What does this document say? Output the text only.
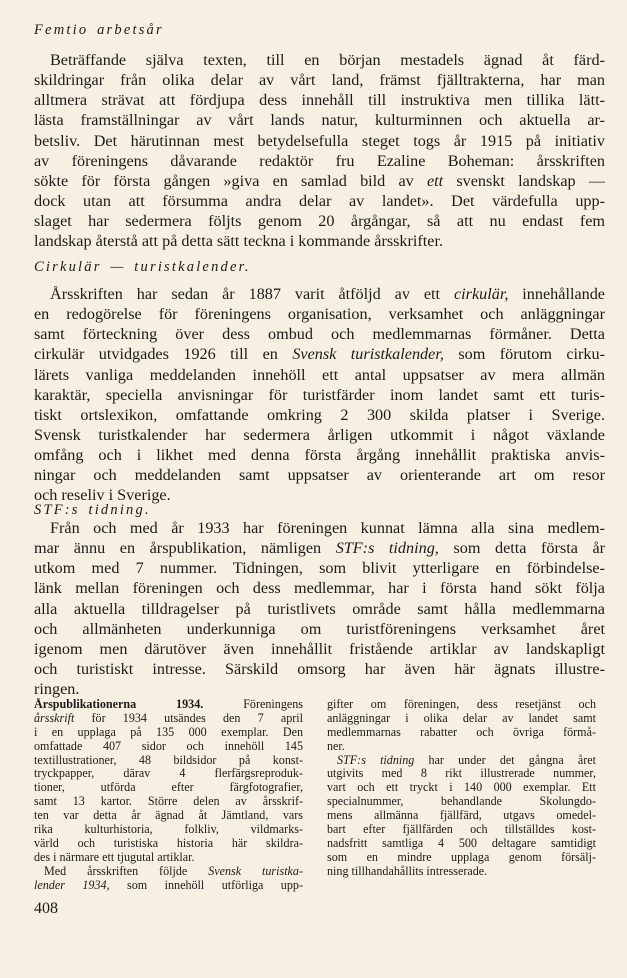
Femtio arbetsår
Beträffande själva texten, till en början mestadels ägnad åt färd-
skildringar från olika delar av vårt land, främst fjälltrakterna, har man
alltmera strävat att fördjupa dess innehåll till instruktiva men tillika lätt-
lästa framställningar av vårt lands natur, kulturminnen och aktuella ar-
betsliv. Det härutinnan mest betydelsefulla steget togs år 1915 på initiativ
av föreningens dåvarande redaktör fru Ezaline Boheman: årsskriften
sökte för första gången »giva en samlad bild av ett svenskt landskap —
dock utan att försumma andra delar av landet». Det värdefulla upp-
slaget har sedermera följts genom 20 årgångar, så att nu endast fem
landskap återstå att på detta sätt teckna i kommande årsskrifter.
Cirkulär — turistkalender.
Årsskriften har sedan år 1887 varit åtföljd av ett cirkulär, innehållande
en redogörelse för föreningens organisation, verksamhet och anläggningar
samt förteckning över dess ombud och medlemmarnas förmåner. Detta
cirkulär utvidgades 1926 till en Svensk turistkalender, som förutom cirku-
lärets vanliga meddelanden innehöll ett antal uppsatser av mera allmän
karaktär, speciella anvisningar för turistfärder inom landet samt ett turis-
tiskt ortslexikon, omfattande omkring 2 300 skilda platser i Sverige.
Svensk turistkalender har sedermera årligen utkommit i något växlande
omfång och i likhet med denna första årgång innehållit praktiska anvis-
ningar och meddelanden samt uppsatser av orienterande art om resor
och reseliv i Sverige.
STF:s tidning.
Från och med år 1933 har föreningen kunnat lämna alla sina medlem-
mar ännu en årspublikation, nämligen STF:s tidning, som detta första år
utkom med 7 nummer. Tidningen, som blivit ytterligare en förbindelse-
länk mellan föreningen och dess medlemmar, har i första hand sökt följa
alla aktuella tilldragelser på turistlivets område samt hålla medlemmarna
och allmänheten underkunniga om turistföreningens verksamhet året
igenom men därutöver även innehållit fristående artiklar av landskapligt
och turistiskt intresse. Särskild omsorg har även här ägnats illustre-
ringen.
Årspublikationerna 1934.	Föreningens
årsskrift för 1934 utsändes den 7 april
i en upplaga på 135 000 exemplar. Den
omfattade 407 sidor och innehöll 145
textillustrationer, 48 bildsidor på konst-
tryckpapper, därav 4 flerfärgsreproduk-
tioner, utförda efter färgfotografier,
samt 13 kartor. Större delen av årsskrif-
ten var detta år ägnad åt Jämtland, vars
rika kulturhistoria, folkliv, vildmarks-
värld och turistiska historia här skildra-
des i närmare ett tjugutal artiklar.
Med årsskriften följde Svensk turistka-
lender 1934, som innehöll utförliga upp-
gifter om föreningen, dess resetjänst och
anläggningar i olika delar av landet samt
medlemmarnas rabatter och övriga förmå-
ner.
STF:s tidning har under det gångna året
utgivits med 8 rikt illustrerade nummer,
vart och ett tryckt i 140 000 exemplar. Ett
specialnummer, behandlande Skolungdo-
mens allmänna fjällfärd, utgavs omedel-
bart efter fjällfärden och tillställdes kost-
nadsfritt samtliga 4 500 deltagare samtidigt
som en mindre upplaga genom försälj-
ning tillhandahållits intresserade.
408
